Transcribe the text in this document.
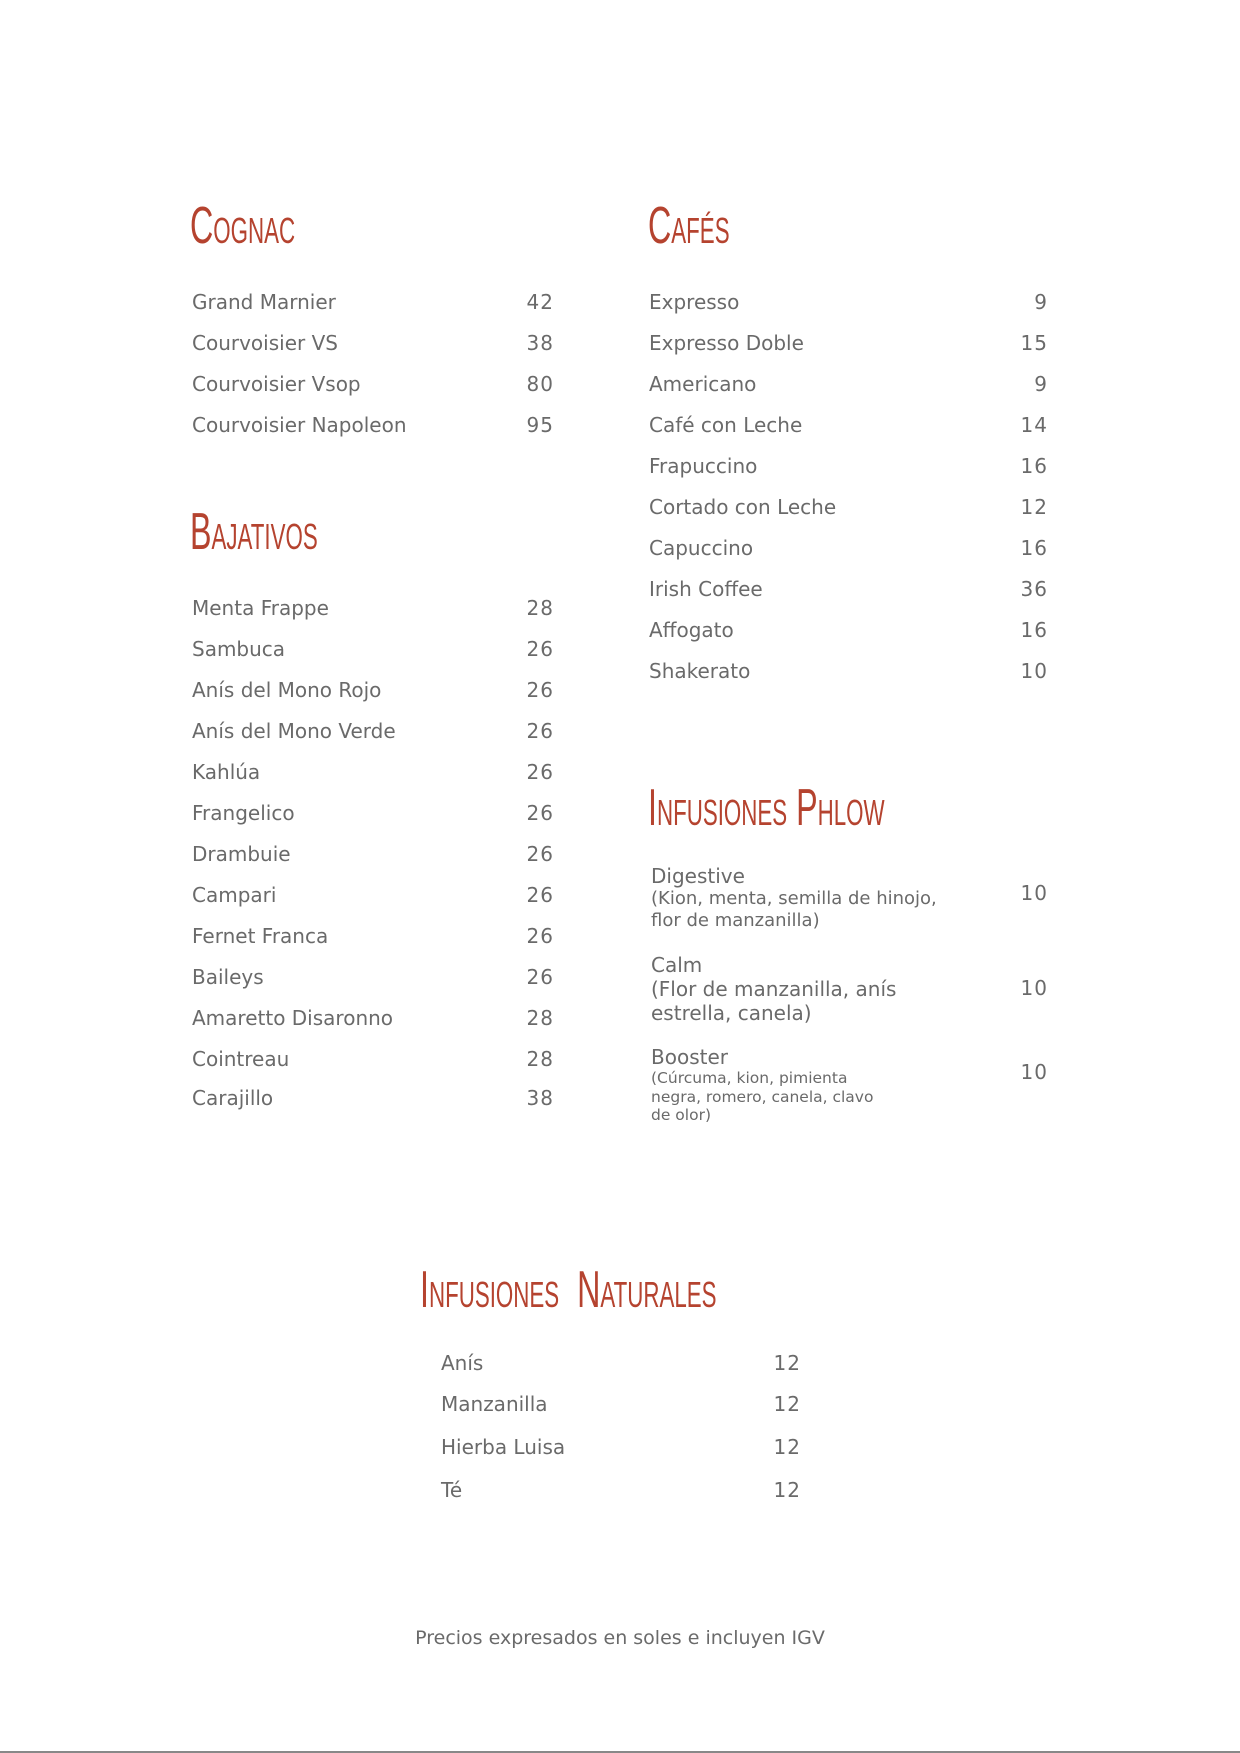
Cognac
Grand Marnier	42
Courvoisier VS	38
Courvoisier Vsop	80
Courvoisier Napoleon	95
Bajativos
Menta Frappe	28
Sambuca	26
Anís del Mono Rojo	26
Anís del Mono Verde	26
Kahlúa	26
Frangelico	26
Drambuie	26
Campari	26
Fernet Franca	26
Baileys	26
Amaretto Disaronno	28
Cointreau	28
Carajillo	38
Cafés
Expresso	9
Expresso Doble	15
Americano	9
Café con Leche	14
Frapuccino	16
Cortado con Leche	12
Capuccino	16
Irish Coffee	36
Affogato	16
Shakerato	10
Infusiones Phlow
Digestive
(Kion, menta, semilla de hinojo,
flor de manzanilla)
10
Calm
(Flor de manzanilla, anís
estrella, canela)
10
Booster
(Cúrcuma, kion, pimienta
negra, romero, canela, clavo
de olor)
10
Infusiones  Naturales
Anís	12
Manzanilla	12
Hierba Luisa	12
Té	12

Precios expresados en soles e incluyen IGV
